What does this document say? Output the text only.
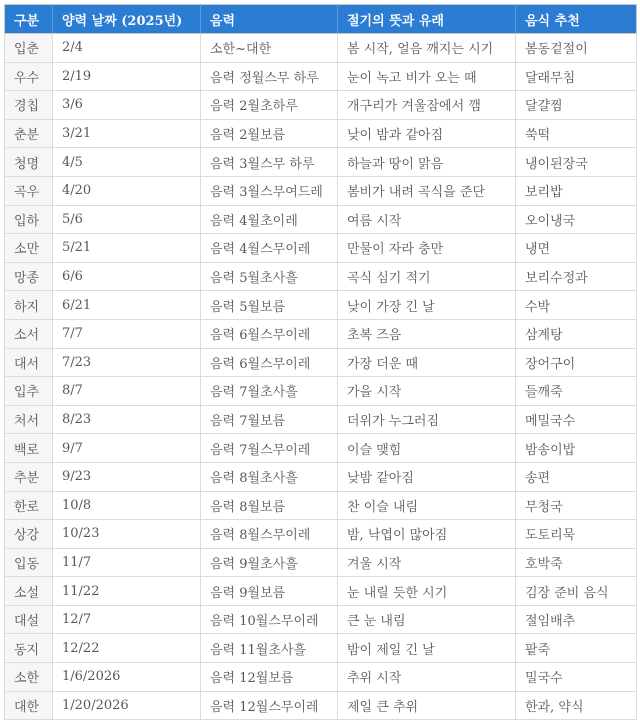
구분	양력 날짜 (2025년)	음력	절기의 뜻과 유래	음식 추천
입춘	2/4	소한~대한	봄 시작, 얼음 깨지는 시기	봄동겉절이
우수	2/19	음력 정월스무 하루	눈이 녹고 비가 오는 때	달래무침
경칩	3/6	음력 2월초하루	개구리가 겨울잠에서 깸	달걀찜
춘분	3/21	음력 2월보름	낮이 밤과 같아짐	쑥떡
청명	4/5	음력 3월스무 하루	하늘과 땅이 맑음	냉이된장국
곡우	4/20	음력 3월스무여드레	봄비가 내려 곡식을 준단	보리밥
입하	5/6	음력 4월초이레	여름 시작	오이냉국
소만	5/21	음력 4월스무이레	만물이 자라 충만	냉면
망종	6/6	음력 5월초사흘	곡식 심기 적기	보리수정과
하지	6/21	음력 5월보름	낮이 가장 긴 날	수박
소서	7/7	음력 6월스무이레	초복 즈음	삼계탕
대서	7/23	음력 6월스무이레	가장 더운 때	장어구이
입추	8/7	음력 7월초사흘	가을 시작	들깨죽
처서	8/23	음력 7월보름	더위가 누그러짐	메밀국수
백로	9/7	음력 7월스무이레	이슬 맺힘	밤송이밥
추분	9/23	음력 8월초사흘	낮밤 같아짐	송편
한로	10/8	음력 8월보름	찬 이슬 내림	무청국
상강	10/23	음력 8월스무이레	밤, 낙엽이 많아짐	도토리묵
입동	11/7	음력 9월초사흘	겨울 시작	호박죽
소설	11/22	음력 9월보름	눈 내릴 듯한 시기	김장 준비 음식
대설	12/7	음력 10월스무이레	큰 눈 내림	절임배추
동지	12/22	음력 11월초사흘	밤이 제일 긴 날	팥죽
소한	1/6/2026	음력 12월보름	추위 시작	밀국수
대한	1/20/2026	음력 12월스무이레	제일 큰 추위	한과, 약식
